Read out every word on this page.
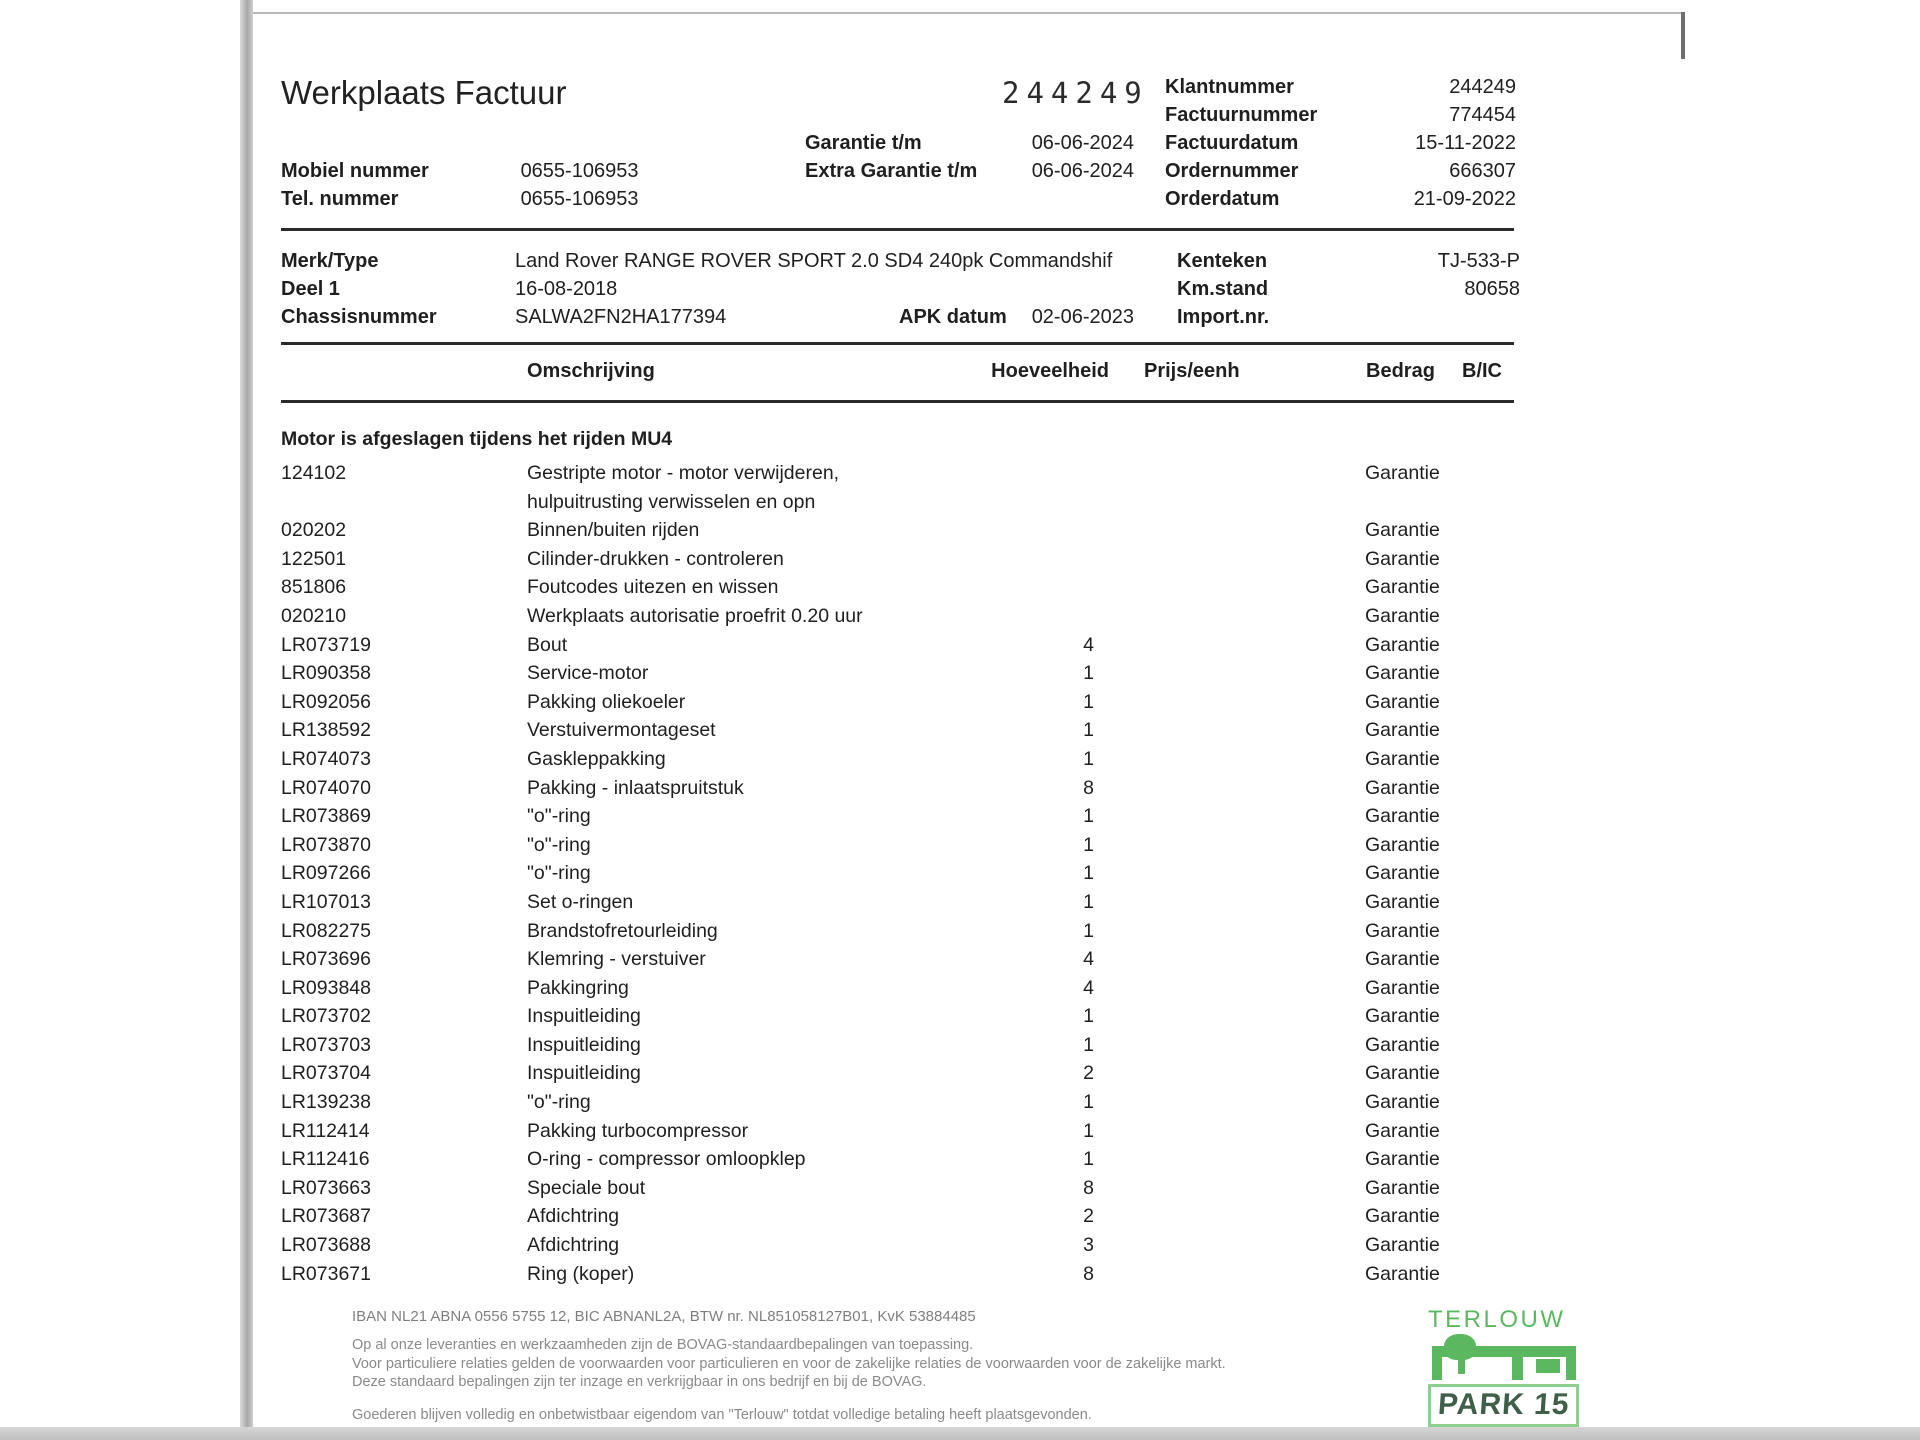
Werkplaats Factuur	244249 Klantnummer	244249
Factuurnummer	774454
Factuurdatum	15-11-2022
Ordernummer	666307
Orderdatum	21-09-2022
Garantie t/m	06-06-2024
Extra Garantie t/m	06-06-2024
Mobiel nummer	0655-106953
Tel. nummer	0655-106953
Merk/Type	Land Rover RANGE ROVER SPORT 2.0 SD4 240pk Commandshif	Kenteken	TJ-533-P
Deel 1	16-08-2018	Km.stand	80658
Chassisnummer	SALWA2FN2HA177394	APK datum	02-06-2023 Import.nr.
Omschrijving	Hoeveelheid Prijs/eenh	Bedrag B/IC
Motor is afgeslagen tijdens het rijden MU4
124102	Gestripte motor - motor verwijderen,	Garantie
hulpuitrusting verwisselen en opn
020202	Binnen/buiten rijden	Garantie
122501	Cilinder-drukken - controleren	Garantie
851806	Foutcodes uitezen en wissen	Garantie
020210	Werkplaats autorisatie proefrit 0.20 uur	Garantie
LR073719	Bout	4	Garantie
LR090358	Service-motor	1	Garantie
LR092056	Pakking oliekoeler	1	Garantie
LR138592	Verstuivermontageset	1	Garantie
LR074073	Gaskleppakking	1	Garantie
LR074070	Pakking - inlaatspruitstuk	8	Garantie
LR073869	"o"-ring	1	Garantie
LR073870	"o"-ring	1	Garantie
LR097266	"o"-ring	1	Garantie
LR107013	Set o-ringen	1	Garantie
LR082275	Brandstofretourleiding	1	Garantie
LR073696	Klemring - verstuiver	4	Garantie
LR093848	Pakkingring	4	Garantie
LR073702	Inspuitleiding	1	Garantie
LR073703	Inspuitleiding	1	Garantie
LR073704	Inspuitleiding	2	Garantie
LR139238	"o"-ring	1	Garantie
LR112414	Pakking turbocompressor	1	Garantie
LR112416	O-ring - compressor omloopklep	1	Garantie
LR073663	Speciale bout	8	Garantie
LR073687	Afdichtring	2	Garantie
LR073688	Afdichtring	3	Garantie
LR073671	Ring (koper)	8	Garantie
IBAN NL21 ABNA 0556 5755 12, BIC ABNANL2A, BTW nr. NL851058127B01, KvK 53884485
Op al onze leveranties en werkzaamheden zijn de BOVAG-standaardbepalingen van toepassing.
Voor particuliere relaties gelden de voorwaarden voor particulieren en voor de zakelijke relaties de voorwaarden voor de zakelijke markt.
Deze standaard bepalingen zijn ter inzage en verkrijgbaar in ons bedrijf en bij de BOVAG.
Goederen blijven volledig en onbetwistbaar eigendom van "Terlouw" totdat volledige betaling heeft plaatsgevonden.
TERLOUW
PARK 15
